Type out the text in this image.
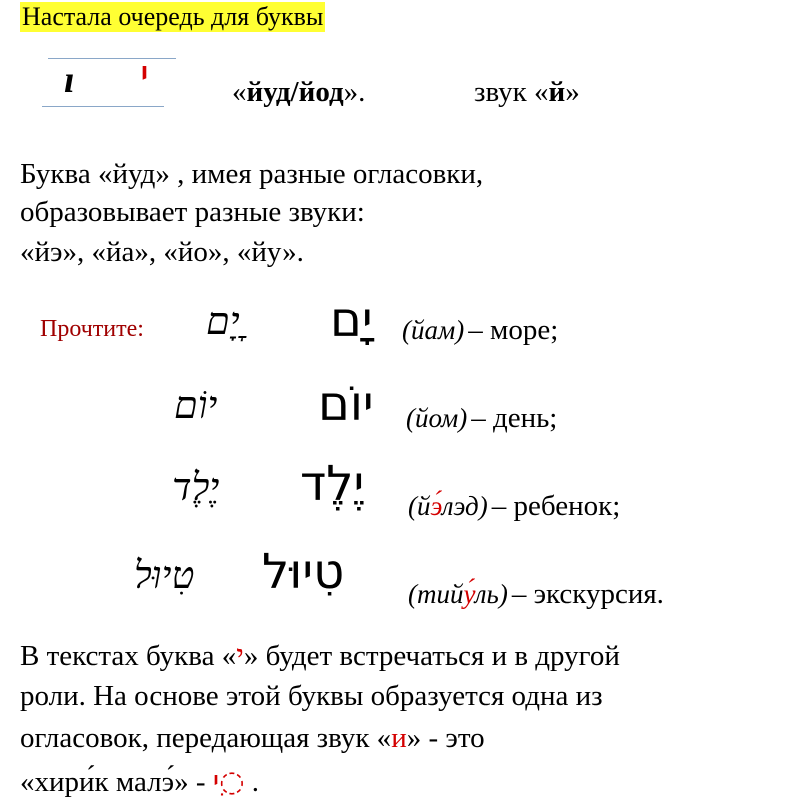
Настала очередь для буквы
ı י	«йуд/йод».	звук «й»
Буква «йуд» , имея разные огласовки,
образовывает разные звуки:
«йэ», «йа», «йо», «йу».
Прочтите: ׇיָם יָם (йам) – море;
יוֹם יוֹם (йом) – день;
יֶלֶד יֶלֶד (йэ́лэд) – ребенок;
טִיוּל טִיוּל (тийу́ль) – экскурсия.
В текстах буква «י» будет встречаться и в другой
роли. На основе этой буквы образуется одна из
огласовок, передающая звук «и» - это
«хири́к малэ́» - ִי◌ .
